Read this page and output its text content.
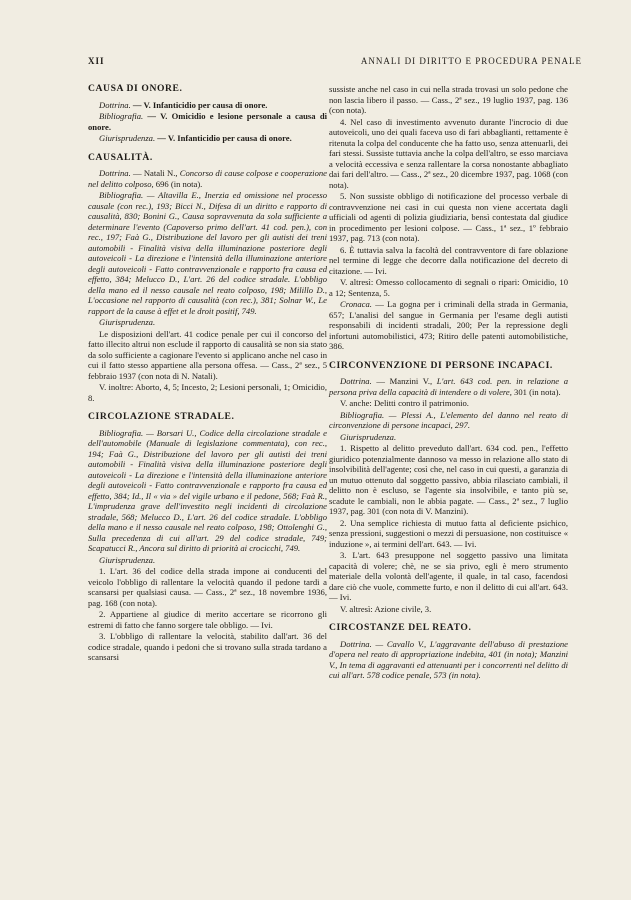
XII	ANNALI DI DIRITTO E PROCEDURA PENALE
CAUSA DI ONORE.

Dottrina. — V. Infanticidio per causa di onore.

Bibliografia. — V. Omicidio e lesione personale a causa di onore.

Giurisprudenza. — V. Infanticidio per causa di onore.

CAUSALITÀ.

Dottrina. — Natali N., Concorso di cause colpose e cooperazione nel delitto colposo, 696 (in nota).

Bibliografia. — Altavilla E., Inerzia ed omissione nel processo causale (con rec.), 193; Bicci N., Difesa di un diritto e rapporto di causalità, 830; Bonini G., Causa sopravvenuta da sola sufficiente a determinare l'evento (Capoverso primo dell'art. 41 cod. pen.), con rec., 197; Faà G., Distribuzione del lavoro per gli autisti dei treni automobili - Finalità visiva della illuminazione posteriore degli autoveicoli - La direzione e l'intensità della illuminazione anteriore degli autoveicoli - Fatto contravvenzionale e rapporto fra causa ed effetto, 384; Melucco D., L'art. 26 del codice stradale. L'obbligo della mano ed il nesso causale nel reato colposo, 198; Milillo D., L'occasione nel rapporto di causalità (con rec.), 381; Solnar W., Le rapport de la cause à effet et le droit positif, 749.

Giurisprudenza.

Le disposizioni dell'art. 41 codice penale per cui il concorso del fatto illecito altrui non esclude il rapporto di causalità se non sia stato da solo sufficiente a cagionare l'evento si applicano anche nel caso in cui il fatto stesso appartiene alla persona offesa. — Cass., 2ª sez., 5 febbraio 1937 (con nota di N. Natali).

V. inoltre: Aborto, 4, 5; Incesto, 2; Lesioni personali, 1; Omicidio, 8.

CIRCOLAZIONE STRADALE.

Bibliografia. — Borsari U., Codice della circolazione stradale e dell'automobile (Manuale di legislazione commentata), con rec., 194; Faà G., Distribuzione del lavoro per gli autisti dei treni automobili - Finalità visiva della illuminazione posteriore degli autoveicoli - La direzione e l'intensità della illuminazione anteriore degli autoveicoli - Fatto contravvenzionale e rapporto fra causa ed effetto, 384; Id., Il « via » del vigile urbano e il pedone, 568; Faà R., L'imprudenza grave dell'investito negli incidenti di circolazione stradale, 568; Melucco D., L'art. 26 del codice stradale. L'obbligo della mano e il nesso causale nel reato colposo, 198; Ottolenghi G., Sulla precedenza di cui all'art. 29 del codice stradale, 749; Scapatucci R., Ancora sul diritto di priorità ai crocicchi, 749.

Giurisprudenza.

1. L'art. 36 del codice della strada impone ai conducenti del veicolo l'obbligo di rallentare la velocità quando il pedone tardi a scansarsi per qualsiasi causa. — Cass., 2ª sez., 18 novembre 1936, pag. 168 (con nota).

2. Appartiene al giudice di merito accertare se ricorrono gli estremi di fatto che fanno sorgere tale obbligo. — Ivi.

3. L'obbligo di rallentare la velocità, stabilito dall'art. 36 del codice stradale, quando i pedoni che si trovano sulla strada tardano a scansarsi

sussiste anche nel caso in cui nella strada trovasi un solo pedone che non lascia libero il passo. — Cass., 2ª sez., 19 luglio 1937, pag. 136 (con nota).

4. Nel caso di investimento avvenuto durante l'incrocio di due autoveicoli, uno dei quali faceva uso di fari abbaglianti, rettamente è ritenuta la colpa del conducente che ha fatto uso, senza attenuarli, dei fari stessi. Sussiste tuttavia anche la colpa dell'altro, se esso marciava a velocità eccessiva e senza rallentare la corsa nonostante abbagliato dai fari dell'altro. — Cass., 2ª sez., 20 dicembre 1937, pag. 1068 (con nota).

5. Non sussiste obbligo di notificazione del processo verbale di contravvenzione nei casi in cui questa non viene accertata dagli ufficiali od agenti di polizia giudiziaria, bensì contestata dal giudice in procedimento per lesioni colpose. — Cass., 1ª sez., 1º febbraio 1937, pag. 713 (con nota).

6. È tuttavia salva la facoltà del contravventore di fare oblazione nel termine di legge che decorre dalla notificazione del decreto di citazione. — Ivi.

V. altresì: Omesso collocamento di segnali o ripari: Omicidio, 10 a 12; Sentenza, 5.

Cronaca. — La gogna per i criminali della strada in Germania, 657; L'analisi del sangue in Germania per l'esame degli autisti responsabili di incidenti stradali, 200; Per la repressione degli infortuni automobilistici, 473; Ritiro delle patenti automobilistiche, 386.

CIRCONVENZIONE DI PERSONE INCAPACI.

Dottrina. — Manzini V., L'art. 643 cod. pen. in relazione a persona priva della capacità di intendere o di volere, 301 (in nota).

V. anche: Delitti contro il patrimonio.

Bibliografia. — Plessi A., L'elemento del danno nel reato di circonvenzione di persone incapaci, 297.

Giurisprudenza.

1. Rispetto al delitto preveduto dall'art. 634 cod. pen., l'effetto giuridico potenzialmente dannoso va messo in relazione allo stato di insolvibilità dell'agente; così che, nel caso in cui questi, a garanzia di un mutuo ottenuto dal soggetto passivo, abbia rilasciato cambiali, il delitto non è escluso, se l'agente sia insolvibile, e tanto più se, scadute le cambiali, non le abbia pagate. — Cass., 2ª sez., 7 luglio 1937, pag. 301 (con nota di V. Manzini).

2. Una semplice richiesta di mutuo fatta al deficiente psichico, senza pressioni, suggestioni o mezzi di persuasione, non costituisce « induzione », ai termini dell'art. 643. — Ivi.

3. L'art. 643 presuppone nel soggetto passivo una limitata capacità di volere; chè, ne se sia privo, egli è mero strumento materiale della volontà dell'agente, il quale, in tal caso, facendosi dare ciò che vuole, commette furto, e non il delitto di cui all'art. 643. — Ivi.

V. altresì: Azione civile, 3.

CIRCOSTANZE DEL REATO.

Dottrina. — Cavallo V., L'aggravante dell'abuso di prestazione d'opera nel reato di appropriazione indebita, 401 (in nota); Manzini V., In tema di aggravanti ed attenuanti per i concorrenti nel delitto di cui all'art. 578 codice penale, 573 (in nota).
